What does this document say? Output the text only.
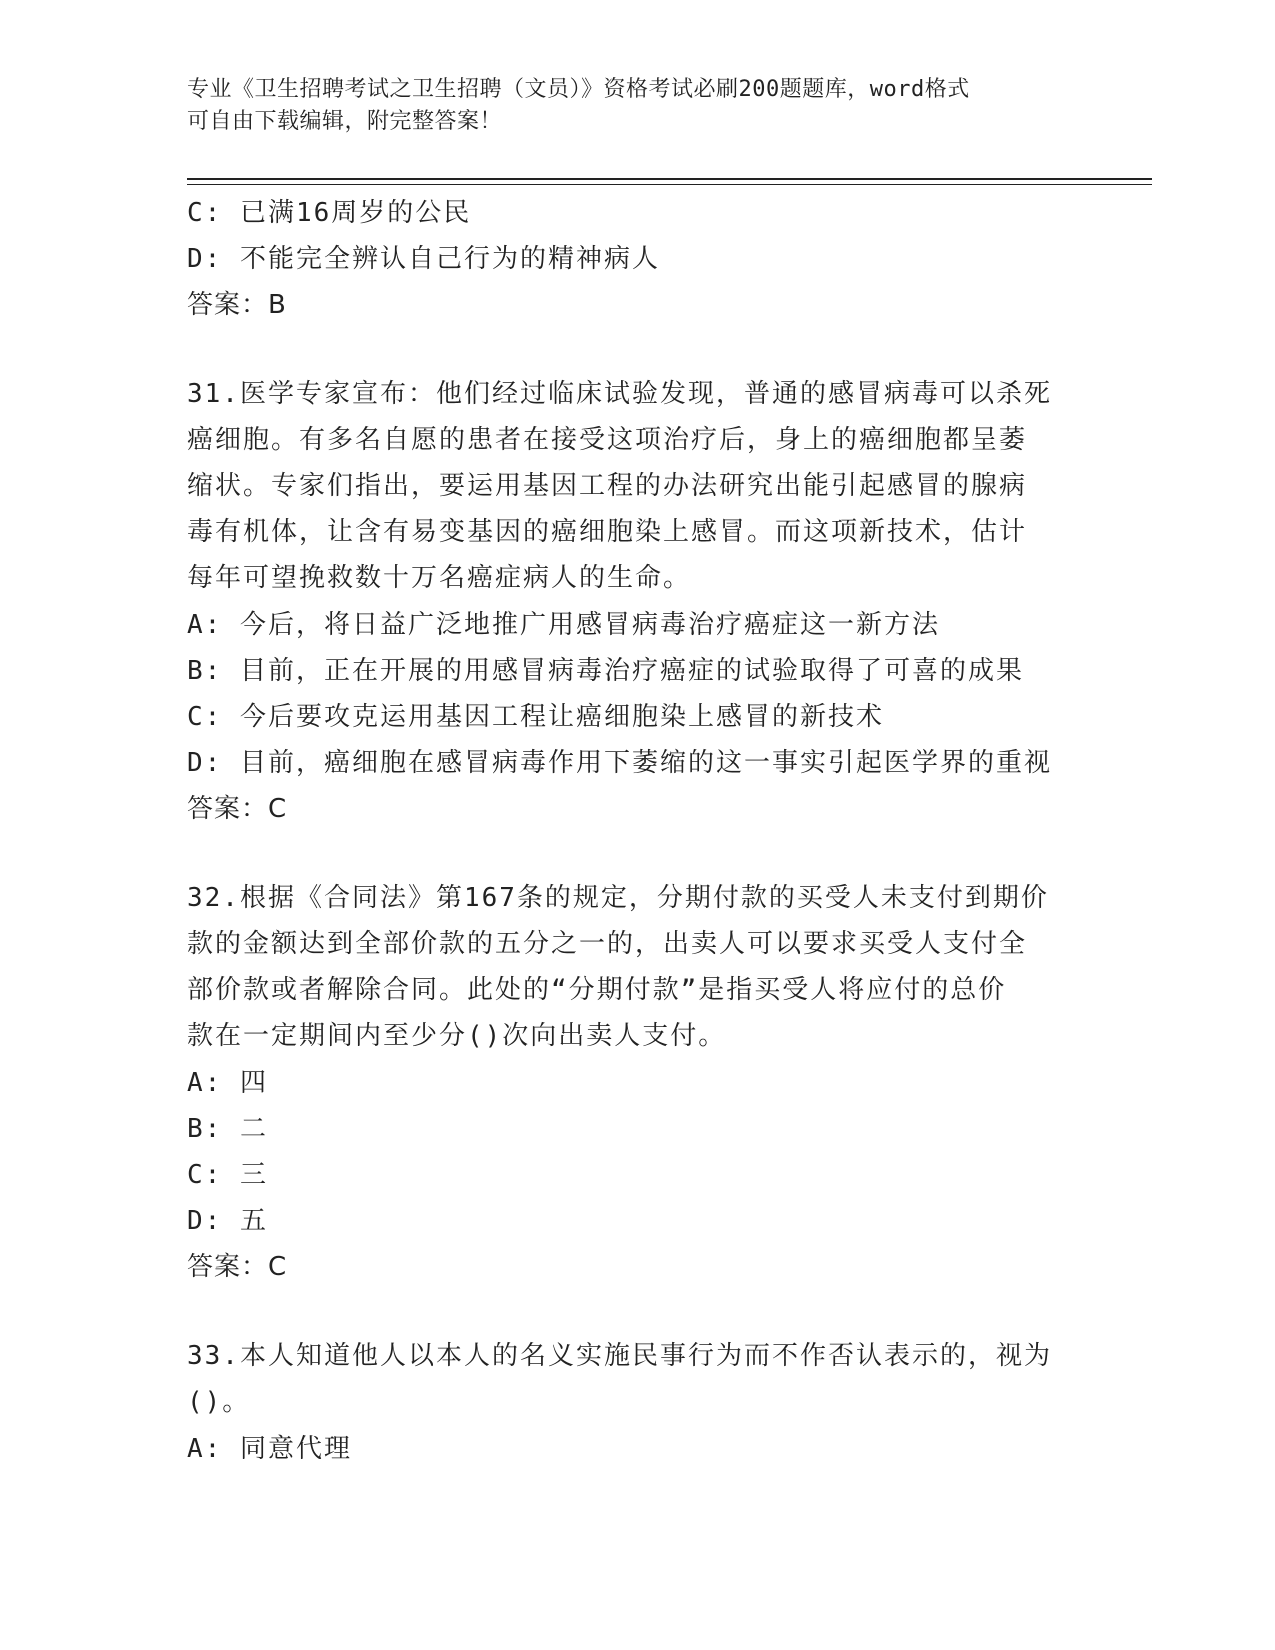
专业《卫生招聘考试之卫生招聘（文员）》资格考试必刷200题题库，word格式
可自由下载编辑，附完整答案！
C: 已满16周岁的公民
D: 不能完全辨认自己行为的精神病人
答案：B
31.医学专家宣布：他们经过临床试验发现，普通的感冒病毒可以杀死
癌细胞。有多名自愿的患者在接受这项治疗后，身上的癌细胞都呈萎
缩状。专家们指出，要运用基因工程的办法研究出能引起感冒的腺病
毒有机体，让含有易变基因的癌细胞染上感冒。而这项新技术，估计
每年可望挽救数十万名癌症病人的生命。
A: 今后，将日益广泛地推广用感冒病毒治疗癌症这一新方法
B: 目前，正在开展的用感冒病毒治疗癌症的试验取得了可喜的成果
C: 今后要攻克运用基因工程让癌细胞染上感冒的新技术
D: 目前，癌细胞在感冒病毒作用下萎缩的这一事实引起医学界的重视
答案：C
32.根据《合同法》第167条的规定，分期付款的买受人未支付到期价
款的金额达到全部价款的五分之一的，出卖人可以要求买受人支付全
部价款或者解除合同。此处的“分期付款”是指买受人将应付的总价
款在一定期间内至少分()次向出卖人支付。
A: 四
B: 二
C: 三
D: 五
答案：C
33.本人知道他人以本人的名义实施民事行为而不作否认表示的，视为
()。
A: 同意代理
